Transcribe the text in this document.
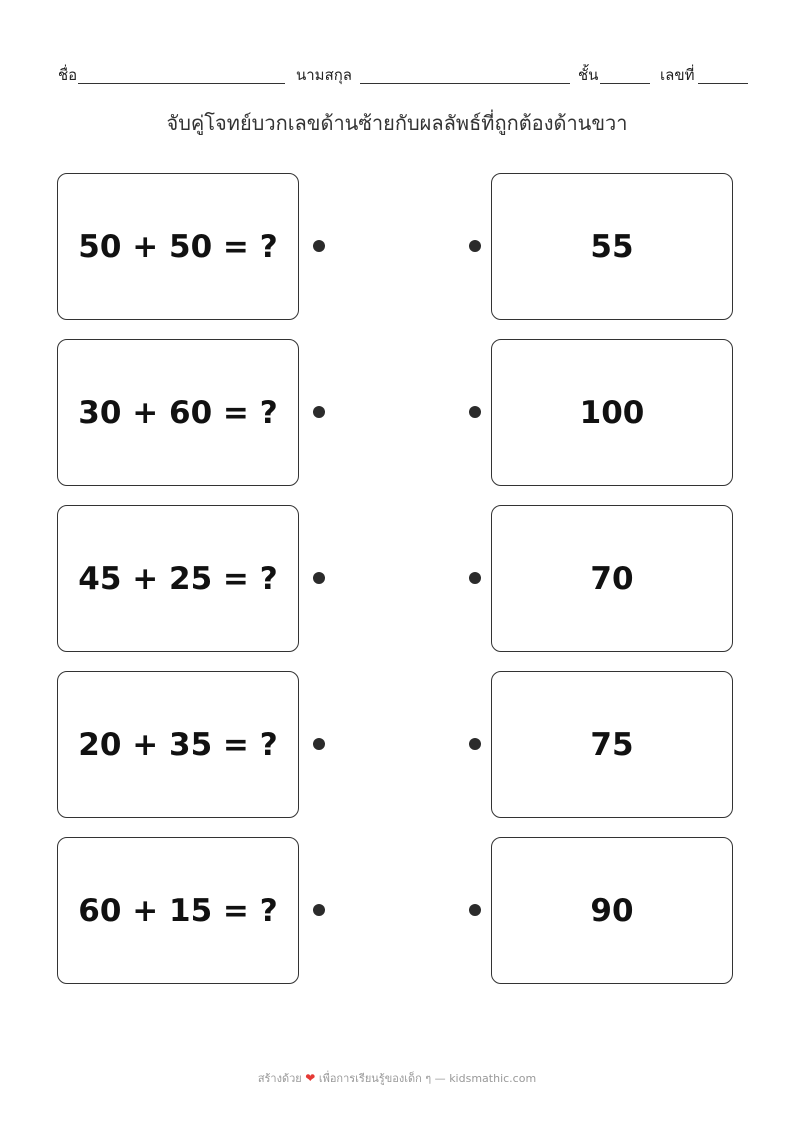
ชื่อ	นามสกุล	ชั้น	เลขที่
จับคู่โจทย์บวกเลขด้านซ้ายกับผลลัพธ์ที่ถูกต้องด้านขวา
50 + 50 = ?	55
30 + 60 = ?	100
45 + 25 = ?	70
20 + 35 = ?	75
60 + 15 = ?	90
สร้างด้วย ❤ เพื่อการเรียนรู้ของเด็ก ๆ — kidsmathic.com
